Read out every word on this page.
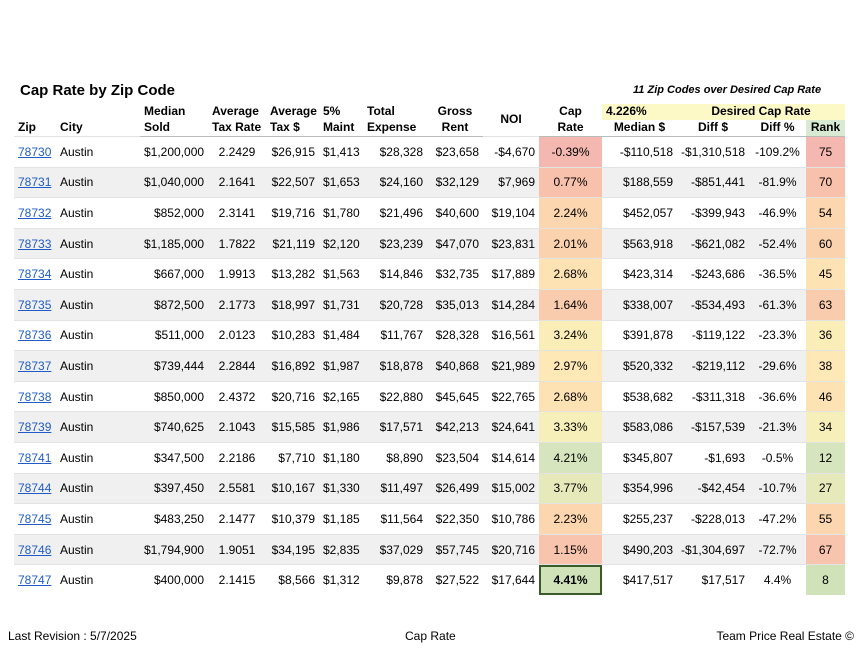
Cap Rate by Zip Code	11 Zip Codes over Desired Cap Rate
Zip	City	Median	Average	Average	5%	Total	Gross	NOI	Cap	4.226%	Desired Cap Rate		
		Sold	Tax Rate	Tax $	Maint	Expense	Rent		Rate	Median $	Diff $	Diff %	Rank
78730	Austin	$1,200,000	2.2429	$26,915	$1,413	$28,328	$23,658	-$4,670	-0.39%	-$110,518	-$1,310,518	-109.2%	75
78731	Austin	$1,040,000	2.1641	$22,507	$1,653	$24,160	$32,129	$7,969	0.77%	$188,559	-$851,441	-81.9%	70
78732	Austin	$852,000	2.3141	$19,716	$1,780	$21,496	$40,600	$19,104	2.24%	$452,057	-$399,943	-46.9%	54
78733	Austin	$1,185,000	1.7822	$21,119	$2,120	$23,239	$47,070	$23,831	2.01%	$563,918	-$621,082	-52.4%	60
78734	Austin	$667,000	1.9913	$13,282	$1,563	$14,846	$32,735	$17,889	2.68%	$423,314	-$243,686	-36.5%	45
78735	Austin	$872,500	2.1773	$18,997	$1,731	$20,728	$35,013	$14,284	1.64%	$338,007	-$534,493	-61.3%	63
78736	Austin	$511,000	2.0123	$10,283	$1,484	$11,767	$28,328	$16,561	3.24%	$391,878	-$119,122	-23.3%	36
78737	Austin	$739,444	2.2844	$16,892	$1,987	$18,878	$40,868	$21,989	2.97%	$520,332	-$219,112	-29.6%	38
78738	Austin	$850,000	2.4372	$20,716	$2,165	$22,880	$45,645	$22,765	2.68%	$538,682	-$311,318	-36.6%	46
78739	Austin	$740,625	2.1043	$15,585	$1,986	$17,571	$42,213	$24,641	3.33%	$583,086	-$157,539	-21.3%	34
78741	Austin	$347,500	2.2186	$7,710	$1,180	$8,890	$23,504	$14,614	4.21%	$345,807	-$1,693	-0.5%	12
78744	Austin	$397,450	2.5581	$10,167	$1,330	$11,497	$26,499	$15,002	3.77%	$354,996	-$42,454	-10.7%	27
78745	Austin	$483,250	2.1477	$10,379	$1,185	$11,564	$22,350	$10,786	2.23%	$255,237	-$228,013	-47.2%	55
78746	Austin	$1,794,900	1.9051	$34,195	$2,835	$37,029	$57,745	$20,716	1.15%	$490,203	-$1,304,697	-72.7%	67
78747	Austin	$400,000	2.1415	$8,566	$1,312	$9,878	$27,522	$17,644	4.41%	$417,517	$17,517	4.4%	8
Last Revision : 5/7/2025	Cap Rate	Team Price Real Estate ©
